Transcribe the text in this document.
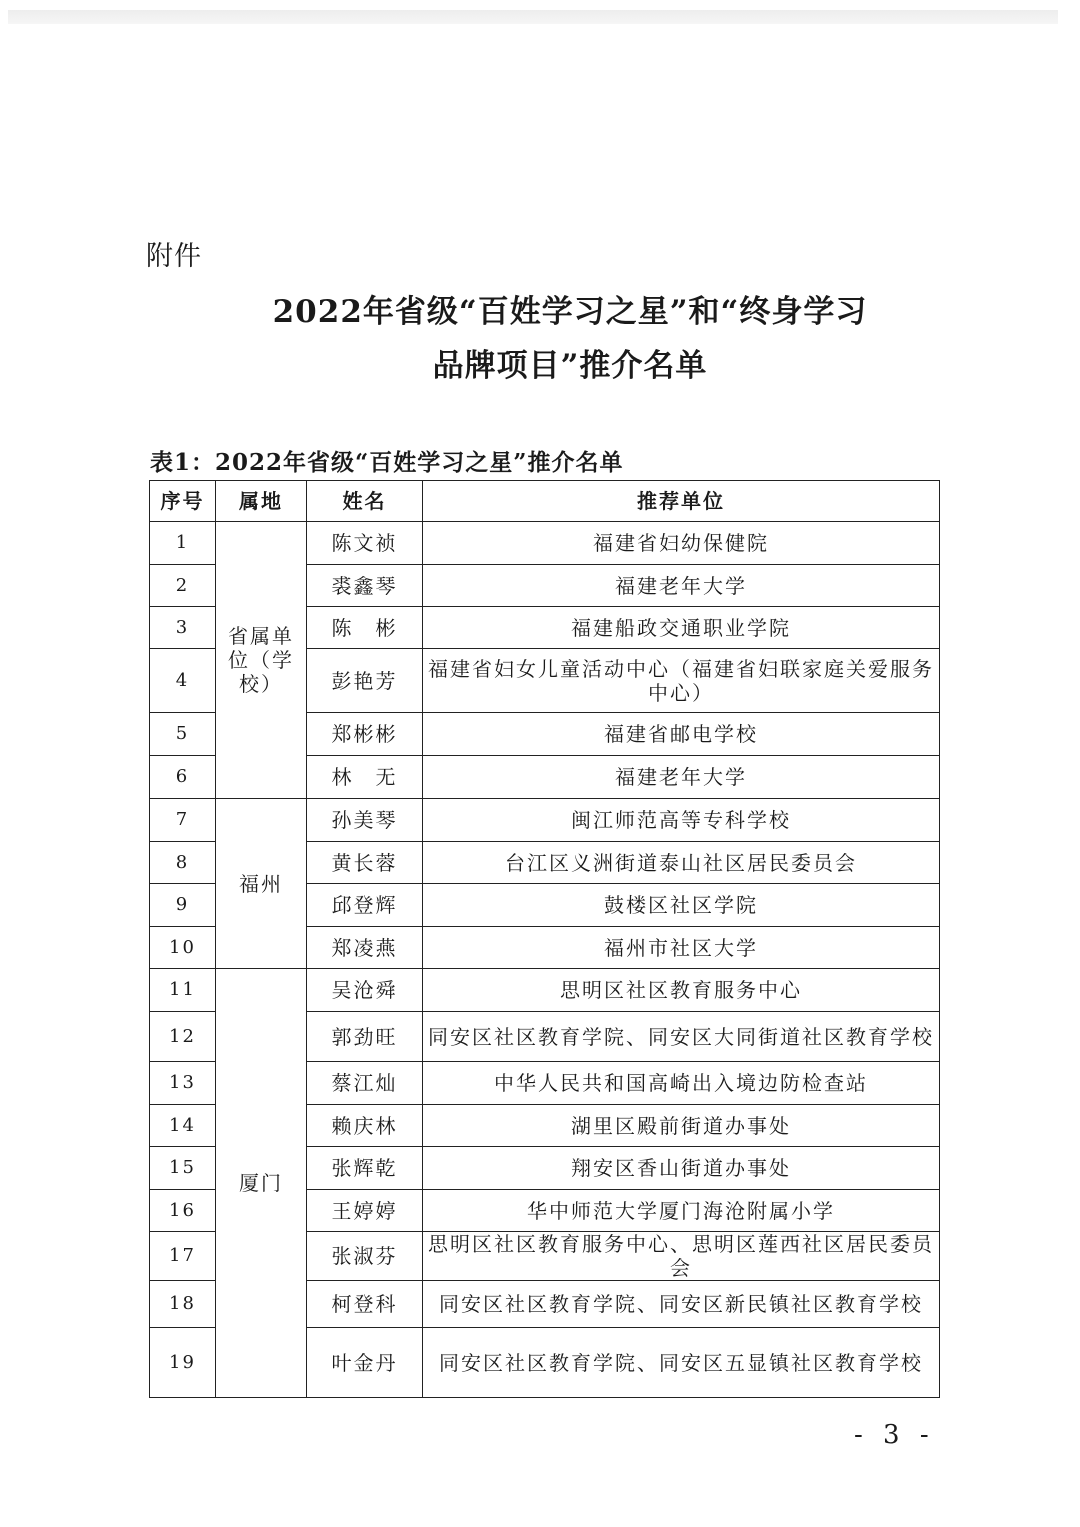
附件
2022年省级“百姓学习之星”和“终身学习
品牌项目”推介名单
表1：2022年省级“百姓学习之星”推介名单
序号	属地	姓名	推荐单位
1	省属单位（学校）	陈文祯	福建省妇幼保健院
2		裘鑫琴	福建老年大学
3		陈　彬	福建船政交通职业学院
4		彭艳芳	福建省妇女儿童活动中心（福建省妇联家庭关爱服务中心）
5		郑彬彬	福建省邮电学校
6		林　无	福建老年大学
7	福州	孙美琴	闽江师范高等专科学校
8		黄长蓉	台江区义洲街道泰山社区居民委员会
9		邱登辉	鼓楼区社区学院
10		郑凌燕	福州市社区大学
11	厦门	吴沧舜	思明区社区教育服务中心
12		郭劲旺	同安区社区教育学院、同安区大同街道社区教育学校
13		蔡江灿	中华人民共和国高崎出入境边防检查站
14		赖庆林	湖里区殿前街道办事处
15		张辉乾	翔安区香山街道办事处
16		王婷婷	华中师范大学厦门海沧附属小学
17		张淑芬	思明区社区教育服务中心、思明区莲西社区居民委员会
18		柯登科	同安区社区教育学院、同安区新民镇社区教育学校
19		叶金丹	同安区社区教育学院、同安区五显镇社区教育学校
- 3 -
